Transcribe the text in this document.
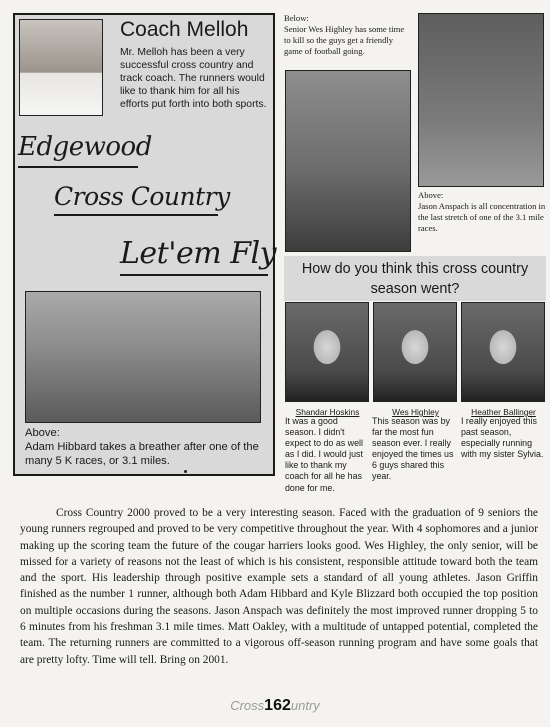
Coach Melloh
Mr. Melloh has been a very successful cross country and track coach. The runners would like to thank him for all his efforts put forth into both sports.
Edgewood
Cross Country
Let'em Fly
Above:
Adam Hibbard takes a breather after one of the many 5 K races, or 3.1 miles.
Below:
Senior Wes Highley has some time to kill so the guys get a friendly game of football going.
Above:
Jason Anspach is all concentration in the last stretch of one of the 3.1 mile races.
How do you think this cross country season went?
Shandar Hoskins	Wes Highley	Heather Ballinger
It was a good season. I didn't expect to do as well as I did. I would just like to thank my coach for all he has done for me.
This season was by far the most fun season ever. I really enjoyed the times us 6 guys shared this year.
I really enjoyed this past season, especially running with my sister Sylvia.
Cross Country 2000 proved to be a very interesting season. Faced with the graduation of 9 seniors the young runners regrouped and proved to be very competitive throughout the year. With 4 sophomores and a junior making up the scoring team the future of the cougar harriers looks good. Wes Highley, the only senior, will be missed for a variety of reasons not the least of which is his consistent, responsible attitude toward both the team and the sport. His leadership through positive example sets a standard of all young athletes. Jason Griffin finished as the number 1 runner, although both Adam Hibbard and Kyle Blizzard both occupied the top position on multiple occasions during the seasons. Jason Anspach was definitely the most improved runner dropping 5 to 6 minutes from his freshman 3.1 mile times. Matt Oakley, with a multitude of untapped potential, completed the team. The returning runners are committed to a vigorous off-season running program and have some goals that are pretty lofty. Time will tell. Bring on 2001.
Cross162untry
